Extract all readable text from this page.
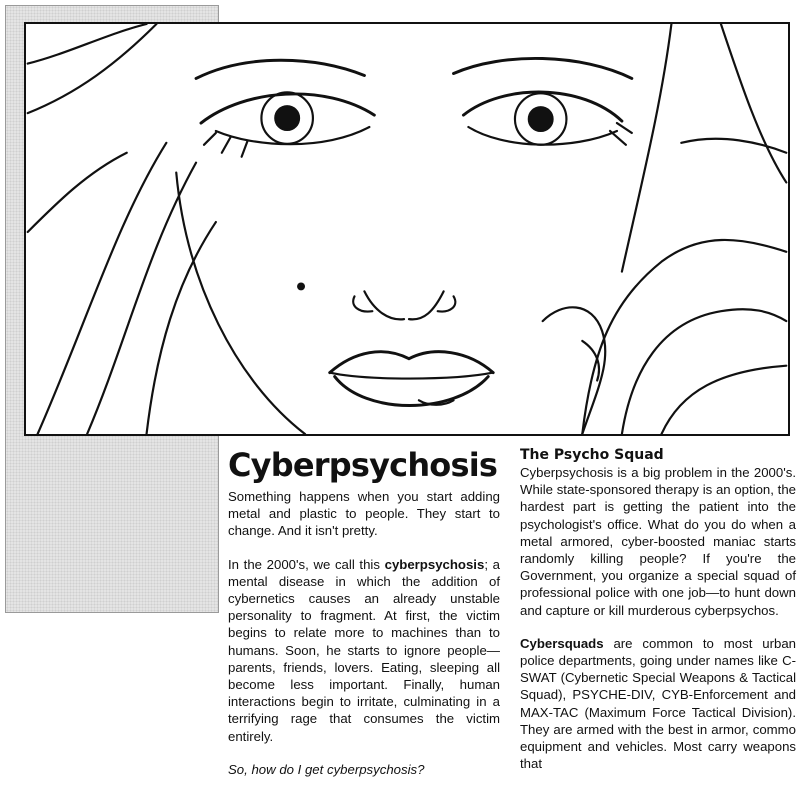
Cyberpsychosis

Something happens when you start adding metal and plastic to people. They start to change. And it isn't pretty.

In the 2000's, we call this cyberpsychosis; a mental disease in which the addition of cybernetics causes an already unstable personality to fragment. At first, the victim begins to relate more to machines than to humans. Soon, he starts to ignore people—parents, friends, lovers. Eating, sleeping all become less important. Finally, human interactions begin to irritate, culminating in a terrifying rage that consumes the victim entirely.

So, how do I get cyberpsychosis?

The Psycho Squad

Cyberpsychosis is a big problem in the 2000's. While state-sponsored therapy is an option, the hardest part is getting the patient into the psychologist's office. What do you do when a metal armored, cyber-boosted maniac starts randomly killing people? If you're the Government, you organize a special squad of professional police with one job—to hunt down and capture or kill murderous cyberpsychos.

Cybersquads are common to most urban police departments, going under names like C-SWAT (Cybernetic Special Weapons & Tactical Squad), PSYCHE-DIV, CYB-Enforcement and MAX-TAC (Maximum Force Tactical Division). They are armed with the best in armor, commo equipment and vehicles. Most carry weapons that
